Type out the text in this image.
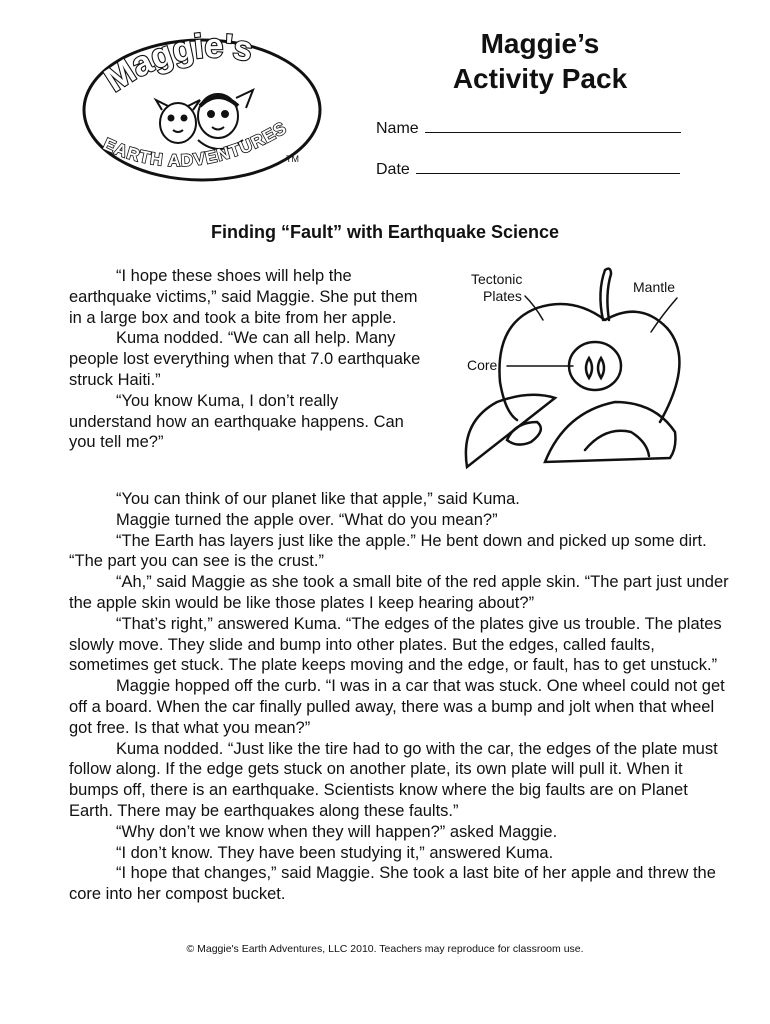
Maggie's
EARTH ADVENTURES
TM
Maggie’s
Activity Pack
Name
Date
Finding “Fault” with Earthquake Science

“I hope these shoes will help the earthquake victims,” said Maggie. She put them in a large box and took a bite from her apple.

Kuma nodded. “We can all help. Many people lost everything when that 7.0 earthquake struck Haiti.”

“You know Kuma, I don’t really understand how an earthquake happens. Can you tell me?”

Tectonic
Plates
Mantle
Core

“You can think of our planet like that apple,” said Kuma.

Maggie turned the apple over. “What do you mean?”

“The Earth has layers just like the apple.” He bent down and picked up some dirt. “The part you can see is the crust.”

“Ah,” said Maggie as she took a small bite of the red apple skin. “The part just under the apple skin would be like those plates I keep hearing about?”

“That’s right,” answered Kuma. “The edges of the plates give us trouble. The plates slowly move. They slide and bump into other plates. But the edges, called faults, sometimes get stuck. The plate keeps moving and the edge, or fault, has to get unstuck.”

Maggie hopped off the curb. “I was in a car that was stuck. One wheel could not get off a board. When the car finally pulled away, there was a bump and jolt when that wheel got free. Is that what you mean?”

Kuma nodded. “Just like the tire had to go with the car, the edges of the plate must follow along. If the edge gets stuck on another plate, its own plate will pull it. When it bumps off, there is an earthquake. Scientists know where the big faults are on Planet Earth. There may be earthquakes along these faults.”

“Why don’t we know when they will happen?” asked Maggie.

“I don’t know. They have been studying it,” answered Kuma.

“I hope that changes,” said Maggie. She took a last bite of her apple and threw the core into her compost bucket.

© Maggie's Earth Adventures, LLC 2010. Teachers may reproduce for classroom use.
